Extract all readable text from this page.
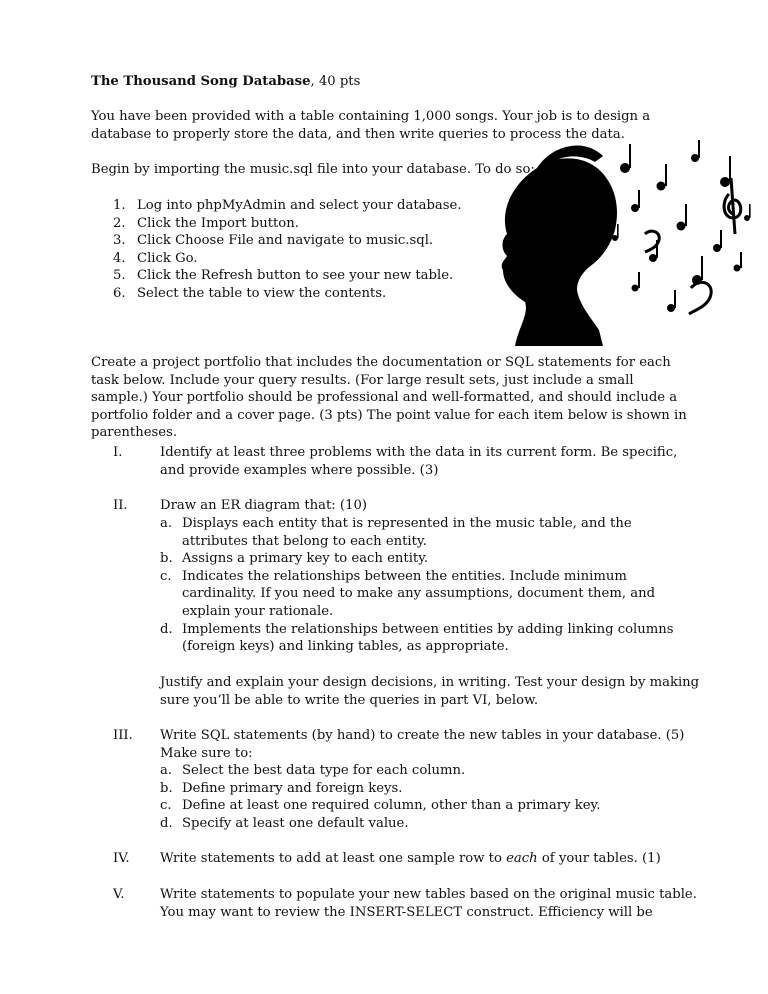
The Thousand Song Database, 40 pts
You have been provided with a table containing 1,000 songs. Your job is to design a database to properly store the data, and then write queries to process the data.
Begin by importing the music.sql file into your database. To do so:
1. Log into phpMyAdmin and select your database.
2. Click the Import button.
3. Click Choose File and navigate to music.sql.
4. Click Go.
5. Click the Refresh button to see your new table.
6. Select the table to view the contents.
Create a project portfolio that includes the documentation or SQL statements for each task below. Include your query results. (For large result sets, just include a small sample.) Your portfolio should be professional and well-formatted, and should include a portfolio folder and a cover page. (3 pts) The point value for each item below is shown in parentheses.
I.	Identify at least three problems with the data in its current form. Be specific, and provide examples where possible. (3)
II. Draw an ER diagram that: (10)
a. Displays each entity that is represented in the music table, and the attributes that belong to each entity.
b. Assigns a primary key to each entity.
c. Indicates the relationships between the entities. Include minimum cardinality. If you need to make any assumptions, document them, and explain your rationale.
d. Implements the relationships between entities by adding linking columns (foreign keys) and linking tables, as appropriate.
Justify and explain your design decisions, in writing. Test your design by making sure you’ll be able to write the queries in part VI, below.
III. Write SQL statements (by hand) to create the new tables in your database. (5)
Make sure to:
a. Select the best data type for each column.
b. Define primary and foreign keys.
c. Define at least one required column, other than a primary key.
d. Specify at least one default value.
IV. Write statements to add at least one sample row to each of your tables. (1)
V.	Write statements to populate your new tables based on the original music table. You may want to review the INSERT-SELECT construct. Efficiency will be
